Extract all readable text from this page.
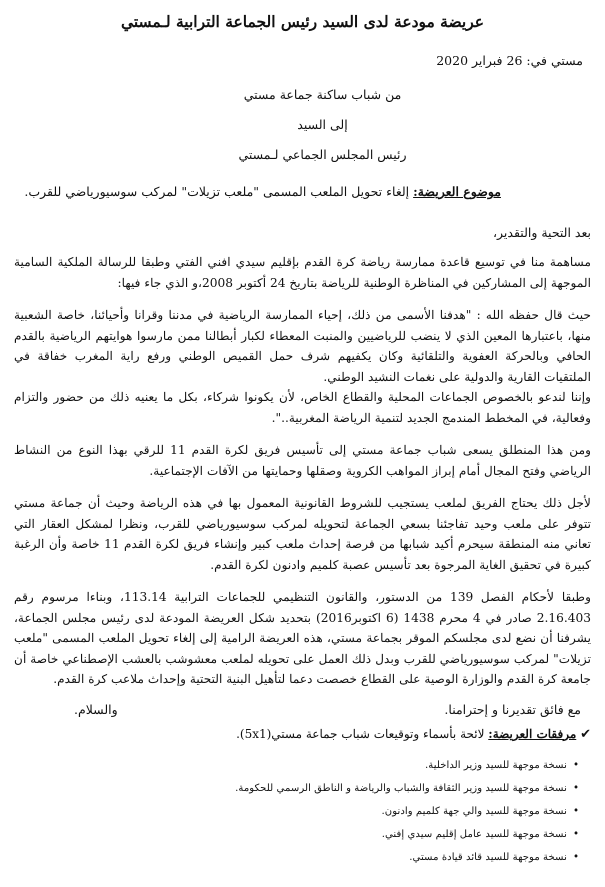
عريضة مودعة لدى السيد رئيس الجماعة الترابية لـمستي
مستي في: 26 فبراير 2020
من شباب ساكنة جماعة مستي
إلى السيد
رئيس المجلس الجماعي لـمستي
موضوع العريضة: إلغاء تحويل الملعب المسمى "ملعب تزيلات" لمركب سوسيورياضي للقرب.
بعد التحية والتقدير،

مساهمة منا في توسيع قاعدة ممارسة رياضة كرة القدم بإقليم سيدي افني الفتي وطبقا للرسالة الملكية السامية الموجهة إلى المشاركين في المناظرة الوطنية للرياضة بتاريخ 24 أكتوبر 2008،و الذي جاء فيها:

حيث قال حفظه الله : "هدفنا الأسمى من ذلك، إحياء الممارسة الرياضية في مدننا وقرانا وأحيائنا، خاصة الشعبية منها، باعتبارها المعين الذي لا ينضب للرياضيين والمنبت المعطاء لكبار أبطالنا ممن مارسوا هوايتهم الرياضية بالقدم الحافي وبالحركة العفوية والتلقائية وكان يكفيهم شرف حمل القميص الوطني ورفع راية المغرب خفاقة في الملتقيات القارية والدولية على نغمات النشيد الوطني.

وإننا لندعو بالخصوص الجماعات المحلية والقطاع الخاص، لأن يكونوا شركاء، بكل ما يعنيه ذلك من حضور والتزام وفعالية، في المخطط المندمج الجديد لتنمية الرياضة المغربية..".

ومن هذا المنطلق يسعى شباب جماعة مستي إلى تأسيس فريق لكرة القدم 11 للرقي بهذا النوع من النشاط الرياضي وفتح المجال أمام إبراز المواهب الكروية وصقلها وحمايتها من الآفات الإجتماعية.

لأجل ذلك يحتاج الفريق لملعب يستجيب للشروط القانونية المعمول بها في هذه الرياضة وحيث أن جماعة مستي تتوفر على ملعب وحيد تفاجئنا بسعي الجماعة لتحويله لمركب سوسيورياضي للقرب، ونظرا لمشكل العقار التي تعاني منه المنطقة سيحرم أكيد شبابها من فرصة إحداث ملعب كبير وإنشاء فريق لكرة القدم 11 خاصة وأن الرغبة كبيرة في تحقيق الغاية المرجوة بعد تأسيس عصبة كلميم وادنون لكرة القدم.

وطبقا لأحكام الفصل 139 من الدستور، والقانون التنظيمي للجماعات الترابية 113.14، وبناءا مرسوم رقم 2.16.403 صادر في 4 محرم 1438 (6 اكتوبر2016) بتحديد شكل العريضة المودعة لدى رئيس مجلس الجماعة، يشرفنا أن نضع لدى مجلسكم الموقر بجماعة مستي، هذه العريضة الرامية إلى إلغاء تحويل الملعب المسمى "ملعب تزيلات" لمركب سوسيورياضي للقرب وبدل ذلك العمل على تحويله لملعب معشوشب بالعشب الإصطناعي خاصة أن جامعة كرة القدم والوزارة الوصية على القطاع خصصت دعما لتأهيل البنية التحتية وإحداث ملاعب كرة القدم.

مع فائق تقديرنا و إحترامنا.
والسلام.
✔ مرفقات العريضة: لائحة بأسماء وتوقيعات شباب جماعة مستي(5x1).
• نسخة موجهة للسيد وزير الداخلية.
• نسخة موجهة للسيد وزير الثقافة والشباب والرياضة و الناطق الرسمي للحكومة.
• نسخة موجهة للسيد والي جهة كلميم وادنون.
• نسخة موجهة للسيد عامل إقليم سيدي إفني.
• نسخة موجهة للسيد قائد قيادة مستي.
